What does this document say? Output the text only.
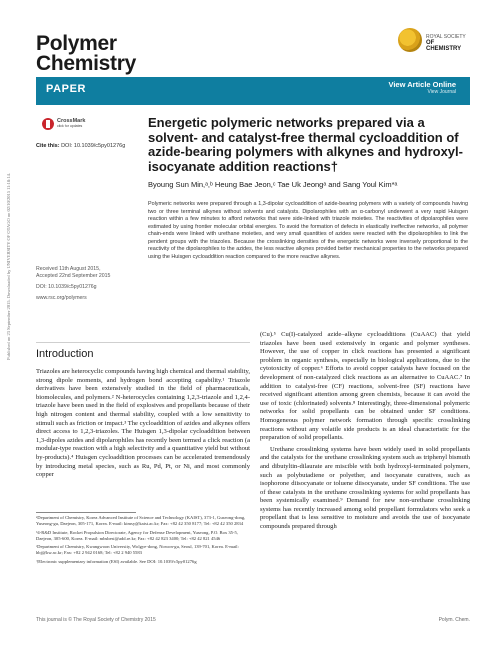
Polymer
Chemistry
ROYAL SOCIETY
OF CHEMISTRY
PAPER	View Article Online
View Journal
Published on 23 September 2015. Downloaded by UNIVERSITY OF OTAGO on 02/10/2015 11:18:14.
CrossMark
click for updates
Cite this: DOI: 10.1039/c5py01276g
Energetic polymeric networks prepared via a solvent- and catalyst-free thermal cycloaddition of azide-bearing polymers with alkynes and hydroxyl-isocyanate addition reactions†
Byoung Sun Min,ᵃ,ᵇ Heung Bae Jeon,ᶜ Tae Uk Jeongᵃ and Sang Youl Kim*ᵃ
Polymeric networks were prepared through a 1,3-dipolar cycloaddition of azide-bearing polymers with a variety of compounds having two or three terminal alkynes without solvents and catalysts. Dipolarophiles with an α-carbonyl underwent a very rapid Huisgen reaction within a few minutes to afford networks that were side-linked with triazole moieties. The reactivities of dipolarophiles were estimated by using frontier molecular orbital energies. To avoid the formation of defects in elastically ineffective networks, all polymer chain-ends were linked with urethane moieties, and very small quantities of azides were reacted with the dipolarophiles to link the pendent groups with the triazoles. Because the crosslinking densities of the energetic networks were inversely proportional to the reactivity of the dipolarophiles to the azides, the less reactive alkynes provided better mechanical properties to the networks prepared using the Huisgen cycloaddition reaction compared to the more reactive alkynes.
Received 11th August 2015,
Accepted 22nd September 2015
DOI: 10.1039/c5py01276g
www.rsc.org/polymers
Introduction

Triazoles are heterocyclic compounds having high chemical and thermal stability, strong dipole moments, and hydrogen bond accepting capability.¹ Triazole derivatives have been extensively studied in the field of pharmaceuticals, biomolecules, and polymers.² N-heterocycles containing 1,2,3-triazole and 1,2,4-triazole have been used in the field of explosives and propellants because of their high nitrogen content and thermal stability, coupled with a low sensitivity to stimuli such as friction or impact.³ The cycloaddition of azides and alkynes offers direct access to 1,2,3-triazoles. The Huisgen 1,3-dipolar cycloaddition between 1,3-dipoles azides and dipolarophiles has recently been termed a click reaction (a modular-type reaction with a high selectivity and a quantitative yield but without by-products).⁴ Huisgen cycloaddition processes can be accelerated tremendously by introducing metal species, such as Ru, Pd, Pt, or Ni, and most commonly copper

(Cu).⁵ Cu(I)-catalyzed azide–alkyne cycloadditions (CuAAC) that yield triazoles have been used extensively in organic and polymer syntheses. However, the use of copper in click reactions has presented a significant problem in organic synthesis, especially in biological applications, due to the cytotoxicity of copper.⁶ Efforts to avoid copper catalysts have focused on the development of non-catalyzed click reactions as an alternative to CuAAC.⁷ In addition to catalyst-free (CF) reactions, solvent-free (SF) reactions have received significant attention among green chemists, because it can avoid the use of toxic (chlorinated) solvents.⁸ Interestingly, three-dimensional polymeric networks for solid propellants can be obtained under SF conditions. Homogeneous polymer network formation through specific crosslinking reactions without any volatile side products is an ideal characteristic for the preparation of solid propellants.

Urethane crosslinking systems have been widely used in solid propellants and the catalysts for the urethane crosslinking system such as triphenyl bismuth and dibutyltin-dilaurate are miscible with both hydroxyl-terminated polymers, such as polybutadiene or polyether, and isocyanate curatives, such as isophorone diisocyanate or toluene diisocyanate, under SF conditions. The use of these catalysts in the urethane crosslinking systems for solid propellants has been systemically examined.⁹ Demand for new non-urethane crosslinking systems has recently increased among solid propellant formulators who seek a propellant that is less sensitive to moisture and avoids the use of isocyanate compounds prepared through

ᵃDepartment of Chemistry, Korea Advanced Institute of Science and Technology (KAIST), 373-1, Guseong-dong, Yuseong-gu, Daejeon, 305-171, Korea. E-mail: kimsy@kaist.ac.kr; Fax: +82 42 350 8177; Tel: +82 42 350 2834

ᵇ4-R&D Institute, Rocket Propulsion Directorate, Agency for Defense Development, Yuseong, P.O. Box 35-5, Daejeon, 305-600, Korea. E-mail: mbsbest@add.re.kr; Fax: +82 42 823 3400; Tel: +82 42 821 4546

ᶜDepartment of Chemistry, Kwangwoon University, Wolgye-dong, Nowon-gu, Seoul, 139-701, Korea. E-mail: hbj@kw.ac.kr; Fax: +82 2 942 0168; Tel: +82 2 940 5583

†Electronic supplementary information (ESI) available. See DOI: 10.1039/c5py01276g

This journal is © The Royal Society of Chemistry 2015	Polym. Chem.
